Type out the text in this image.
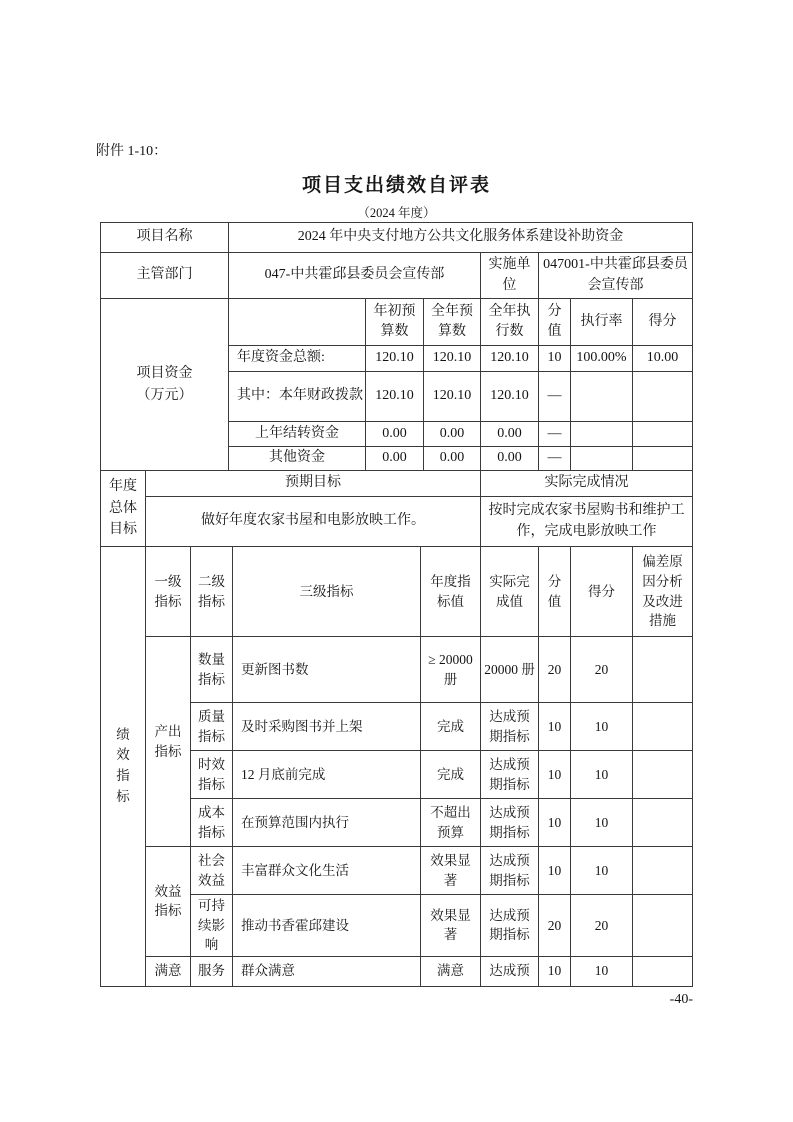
附件 1-10：
项目支出绩效自评表
（2024 年度）
项目名称	2024 年中央支付地方公共文化服务体系建设补助资金		
主管部门	047-中共霍邱县委员会宣传部	实施单位	047001-中共霍邱县委员会宣传部
项目资金（万元）		年初预算数	全年预算数	全年执行数	分值	执行率	得分
	年度资金总额:	120.10	120.10	120.10	10	100.00%	10.00
	其中：本年财政拨款	120.10	120.10	120.10	—		
	上年结转资金	0.00	0.00	0.00	—		
	其他资金	0.00	0.00	0.00	—		
年度总体目标	预期目标	实际完成情况
	做好年度农家书屋和电影放映工作。	按时完成农家书屋购书和维护工作，完成电影放映工作
绩效指标	一级指标	二级指标	三级指标	年度指标值	实际完成值	分值	得分	偏差原因分析及改进措施
	产出指标	数量指标	更新图书数	≥ 20000 册	20000 册	20	20	
		质量指标	及时采购图书并上架	完成	达成预期指标	10	10	
		时效指标	12 月底前完成	完成	达成预期指标	10	10	
		成本指标	在预算范围内执行	不超出预算	达成预期指标	10	10	
	效益指标	社会效益	丰富群众文化生活	效果显著	达成预期指标	10	10	
		可持续影响	推动书香霍邱建设	效果显著	达成预期指标	20	20	
	满意	服务	群众满意	满意	达成预	10	10	
-40-
